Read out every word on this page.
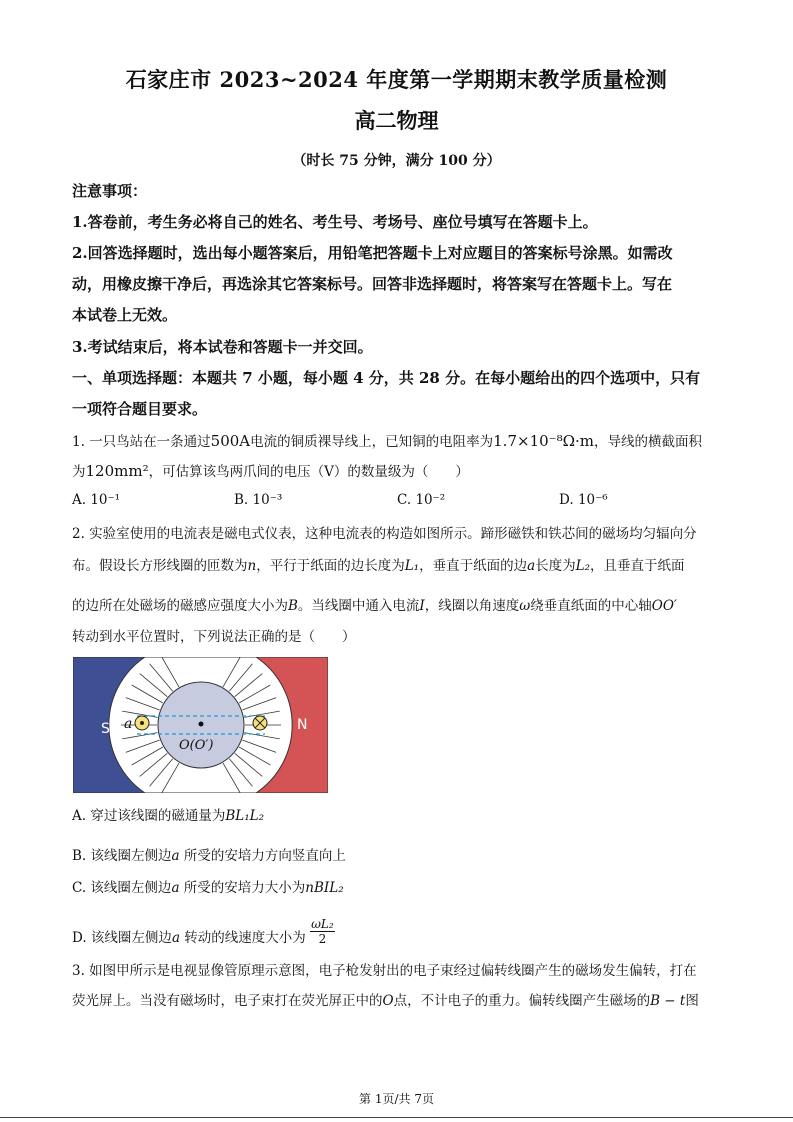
石家庄市 2023~2024 年度第一学期期末教学质量检测
高二物理
（时长 75 分钟，满分 100 分）
注意事项：
1.答卷前，考生务必将自己的姓名、考生号、考场号、座位号填写在答题卡上。
2.回答选择题时，选出每小题答案后，用铅笔把答题卡上对应题目的答案标号涂黑。如需改
动，用橡皮擦干净后，再选涂其它答案标号。回答非选择题时，将答案写在答题卡上。写在
本试卷上无效。
3.考试结束后，将本试卷和答题卡一并交回。
一、单项选择题：本题共 7 小题，每小题 4 分，共 28 分。在每小题给出的四个选项中，只有
一项符合题目要求。
1. 一只鸟站在一条通过500A电流的铜质裸导线上，已知铜的电阻率为1.7×10⁻⁸Ω·m，导线的横截面积
为120mm²，可估算该鸟两爪间的电压（V）的数量级为（　　）
A. 10⁻¹	B. 10⁻³	C. 10⁻²	D. 10⁻⁶
2. 实验室使用的电流表是磁电式仪表，这种电流表的构造如图所示。蹄形磁铁和铁芯间的磁场均匀辐向分
布。假设长方形线圈的匝数为n，平行于纸面的边长度为L₁，垂直于纸面的边a长度为L₂，且垂直于纸面
的边所在处磁场的磁感应强度大小为B。当线圈中通入电流I，线圈以角速度ω绕垂直纸面的中心轴OO′
转动到水平位置时，下列说法正确的是（　　）
S	N
a
O(O′)
A. 穿过该线圈的磁通量为BL₁L₂
B. 该线圈左侧边a 所受的安培力方向竖直向上
C. 该线圈左侧边a 所受的安培力大小为nBIL₂
D. 该线圈左侧边a 转动的线速度大小为 $\frac{\text{ωL₂}}{2}$
3. 如图甲所示是电视显像管原理示意图，电子枪发射出的电子束经过偏转线圈产生的磁场发生偏转，打在
荧光屏上。当没有磁场时，电子束打在荧光屏正中的O点，不计电子的重力。偏转线圈产生磁场的B − t图
第 1页/共 7页
